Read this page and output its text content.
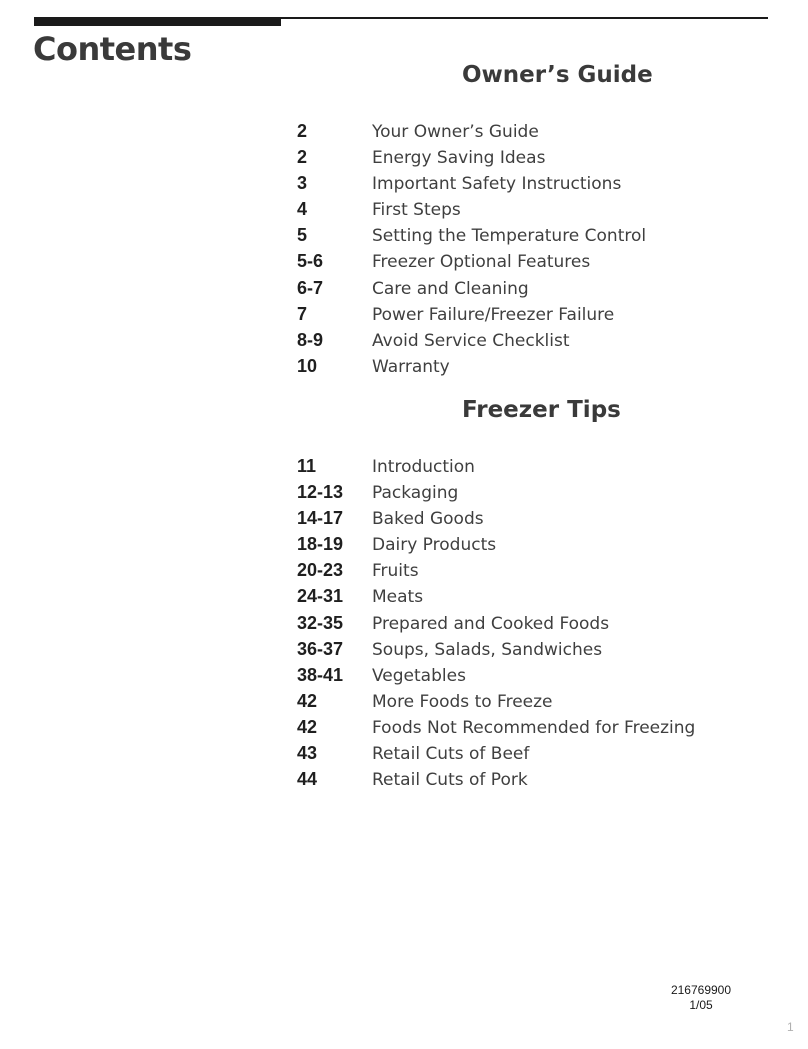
Contents
Owner’s Guide
2	Your Owner’s Guide
2	Energy Saving Ideas
3	Important Safety Instructions
4	First Steps
5	Setting the Temperature Control
5-6	Freezer Optional Features
6-7	Care and Cleaning
7	Power Failure/Freezer Failure
8-9	Avoid Service Checklist
10	Warranty
Freezer Tips
11	Introduction
12-13 Packaging
14-17 Baked Goods
18-19 Dairy Products
20-23 Fruits
24-31 Meats
32-35 Prepared and Cooked Foods
36-37 Soups, Salads, Sandwiches
38-41 Vegetables
42	More Foods to Freeze
42	Foods Not Recommended for Freezing
43	Retail Cuts of Beef
44	Retail Cuts of Pork
216769900
1/05
1
